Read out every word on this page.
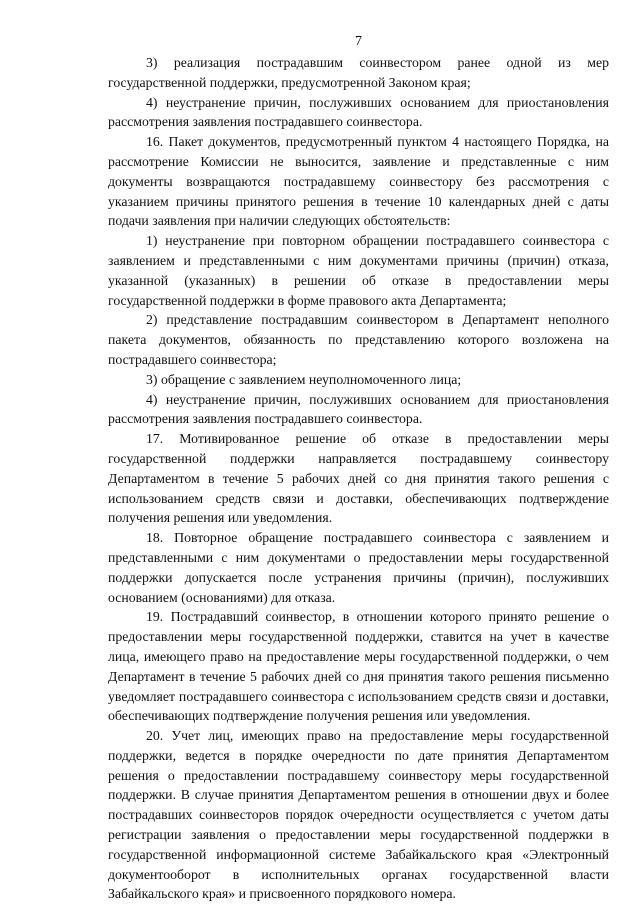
7

3) реализация пострадавшим соинвестором ранее одной из мер государственной поддержки, предусмотренной Законом края;

4) неустранение причин, послуживших основанием для приостановления рассмотрения заявления пострадавшего соинвестора.

16. Пакет документов, предусмотренный пунктом 4 настоящего Порядка, на рассмотрение Комиссии не выносится, заявление и представленные с ним документы возвращаются пострадавшему соинвестору без рассмотрения с указанием причины принятого решения в течение 10 календарных дней с даты подачи заявления при наличии следующих обстоятельств:

1) неустранение при повторном обращении пострадавшего соинвестора с заявлением и представленными с ним документами причины (причин) отказа, указанной (указанных) в решении об отказе в предоставлении меры государственной поддержки в форме правового акта Департамента;

2) представление пострадавшим соинвестором в Департамент неполного пакета документов, обязанность по представлению которого возложена на пострадавшего соинвестора;

3) обращение с заявлением неуполномоченного лица;

4) неустранение причин, послуживших основанием для приостановления рассмотрения заявления пострадавшего соинвестора.

17. Мотивированное решение об отказе в предоставлении меры государственной поддержки направляется пострадавшему соинвестору Департаментом в течение 5 рабочих дней со дня принятия такого решения с использованием средств связи и доставки, обеспечивающих подтверждение получения решения или уведомления.

18. Повторное обращение пострадавшего соинвестора с заявлением и представленными с ним документами о предоставлении меры государственной поддержки допускается после устранения причины (причин), послуживших основанием (основаниями) для отказа.

19. Пострадавший соинвестор, в отношении которого принято решение о предоставлении меры государственной поддержки, ставится на учет в качестве лица, имеющего право на предоставление меры государственной поддержки, о чем Департамент в течение 5 рабочих дней со дня принятия такого решения письменно уведомляет пострадавшего соинвестора с использованием средств связи и доставки, обеспечивающих подтверждение получения решения или уведомления.

20. Учет лиц, имеющих право на предоставление меры государственной поддержки, ведется в порядке очередности по дате принятия Департаментом решения о предоставлении пострадавшему соинвестору меры государственной поддержки. В случае принятия Департаментом решения в отношении двух и более пострадавших соинвесторов порядок очередности осуществляется с учетом даты регистрации заявления о предоставлении меры государственной поддержки в государственной информационной системе Забайкальского края «Электронный документооборот в исполнительных органах государственной власти Забайкальского края» и присвоенного порядкового номера.
